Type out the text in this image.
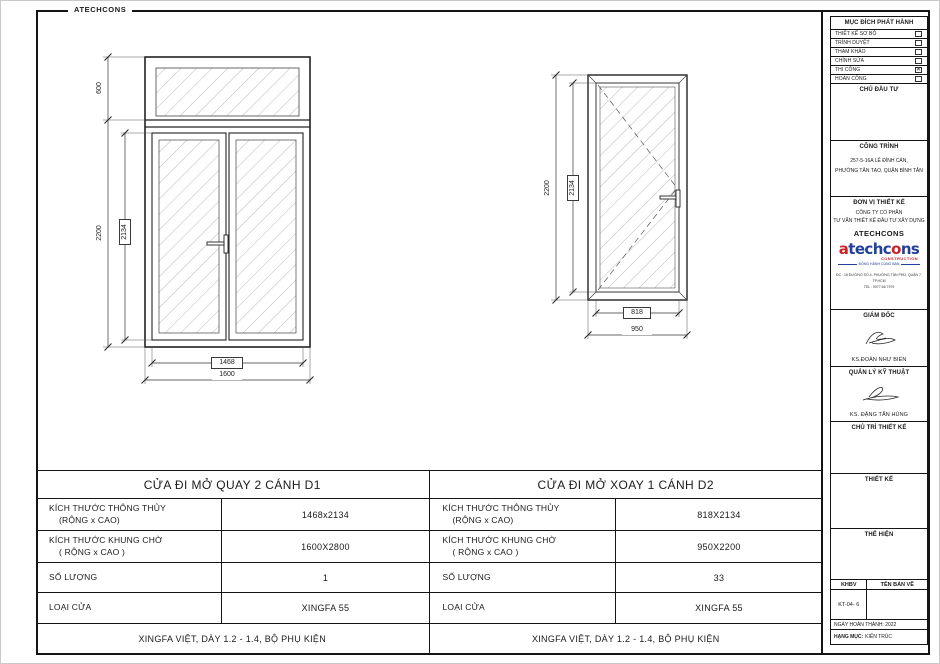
ATECHCONS
600
2200	2134
1468
1600
2200	2134
818
950
CỬA ĐI MỞ QUAY 2 CÁNH D1
KÍCH THƯỚC THÔNG THỦY
(RỘNG x CAO)	1468x2134
KÍCH THƯỚC KHUNG CHỜ
( RỘNG x CAO )	1600X2800
SỐ LƯỢNG	1
LOẠI CỬA	XINGFA 55
XINGFA VIỆT, DÀY 1.2 - 1.4, BỘ PHỤ KIỆN
CỬA ĐI MỞ XOAY 1 CÁNH D2
KÍCH THƯỚC THÔNG THỦY
(RỘNG x CAO)	818X2134
KÍCH THƯỚC KHUNG CHỜ
( RỘNG x CAO )	950X2200
SỐ LƯỢNG	33
LOẠI CỬA	XINGFA 55
XINGFA VIỆT, DÀY 1.2 - 1.4, BỘ PHỤ KIỆN
MỤC ĐÍCH PHÁT HÀNH
THIẾT KẾ SƠ BỘ
TRÌNH DUYỆT
THAM KHẢO
CHỈNH SỬA
THI CÔNG	✕
HOÀN CÔNG
CHỦ ĐẦU TƯ
CÔNG TRÌNH
257-5-16A LÊ ĐÌNH CẨN,
PHƯỜNG TÂN TẠO, QUẬN BÌNH TÂN
ĐƠN VỊ THIẾT KẾ
CÔNG TY CỔ PHẦN
TƯ VẤN THIẾT KẾ ĐẦU TƯ XÂY DỰNG
ATECHCONS
atechcons
CONSTRUCTION
ĐỒNG HÀNH CÙNG BẠN
ĐC : 16 ĐƯỜNG SỐ 4, PHƯỜNG TÂN PHÚ, QUẬN 7, TP.HCM
TEL : 0977.66.7979
GIÁM ĐỐC
KS.ĐOÀN NHƯ BIỂN
QUẢN LÝ KỸ THUẬT
KS. ĐẶNG TẤN HÙNG
CHỦ TRÌ THIẾT KẾ
THIẾT KẾ
THỂ HIỆN
KHBV	TÊN BẢN VẼ
KT-04- 6
NGÀY HOÀN THÀNH: 2022
HẠNG MỤC: KIẾN TRÚC
